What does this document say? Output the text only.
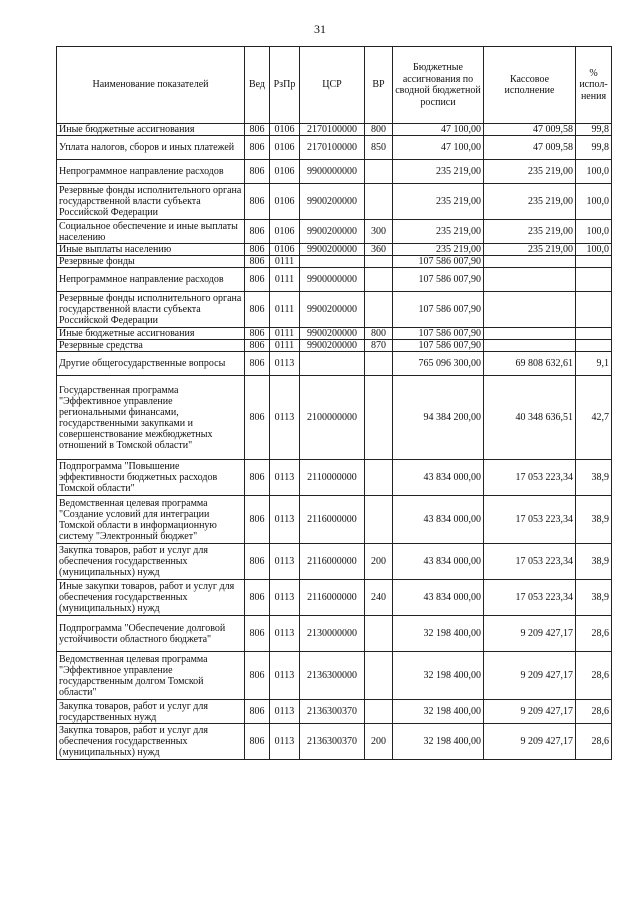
31
Наименование показателей	Вед	РзПр	ЦСР	ВР	Бюджетные ассигнования по сводной бюджетной росписи	Кассовое исполнение	% испол-нения
Иные бюджетные ассигнования	806	0106	2170100000	800	47 100,00	47 009,58	99,8
Уплата налогов, сборов и иных платежей	806	0106	2170100000	850	47 100,00	47 009,58	99,8
Непрограммное направление расходов	806	0106	9900000000		235 219,00	235 219,00	100,0
Резервные фонды исполнительного органа государственной власти субъекта Российской Федерации	806	0106	9900200000		235 219,00	235 219,00	100,0
Социальное обеспечение и иные выплаты населению	806	0106	9900200000	300	235 219,00	235 219,00	100,0
Иные выплаты населению	806	0106	9900200000	360	235 219,00	235 219,00	100,0
Резервные фонды	806	0111			107 586 007,90		
Непрограммное направление расходов	806	0111	9900000000		107 586 007,90		
Резервные фонды исполнительного органа государственной власти субъекта Российской Федерации	806	0111	9900200000		107 586 007,90		
Иные бюджетные ассигнования	806	0111	9900200000	800	107 586 007,90		
Резервные средства	806	0111	9900200000	870	107 586 007,90		
Другие общегосударственные вопросы	806	0113			765 096 300,00	69 808 632,61	9,1
Государственная программа "Эффективное управление региональными финансами, государственными закупками и совершенствование межбюджетных отношений в Томской области"	806	0113	2100000000		94 384 200,00	40 348 636,51	42,7
Подпрограмма "Повышение эффективности бюджетных расходов Томской области"	806	0113	2110000000		43 834 000,00	17 053 223,34	38,9
Ведомственная целевая программа "Создание условий для интеграции Томской области в информационную систему "Электронный бюджет"	806	0113	2116000000		43 834 000,00	17 053 223,34	38,9
Закупка товаров, работ и услуг для обеспечения государственных (муниципальных) нужд	806	0113	2116000000	200	43 834 000,00	17 053 223,34	38,9
Иные закупки товаров, работ и услуг для обеспечения государственных (муниципальных) нужд	806	0113	2116000000	240	43 834 000,00	17 053 223,34	38,9
Подпрограмма "Обеспечение долговой устойчивости областного бюджета"	806	0113	2130000000		32 198 400,00	9 209 427,17	28,6
Ведомственная целевая программа "Эффективное управление государственным долгом Томской области"	806	0113	2136300000		32 198 400,00	9 209 427,17	28,6
Закупка товаров, работ и услуг для государственных нужд	806	0113	2136300370		32 198 400,00	9 209 427,17	28,6
Закупка товаров, работ и услуг для обеспечения государственных (муниципальных) нужд	806	0113	2136300370	200	32 198 400,00	9 209 427,17	28,6
